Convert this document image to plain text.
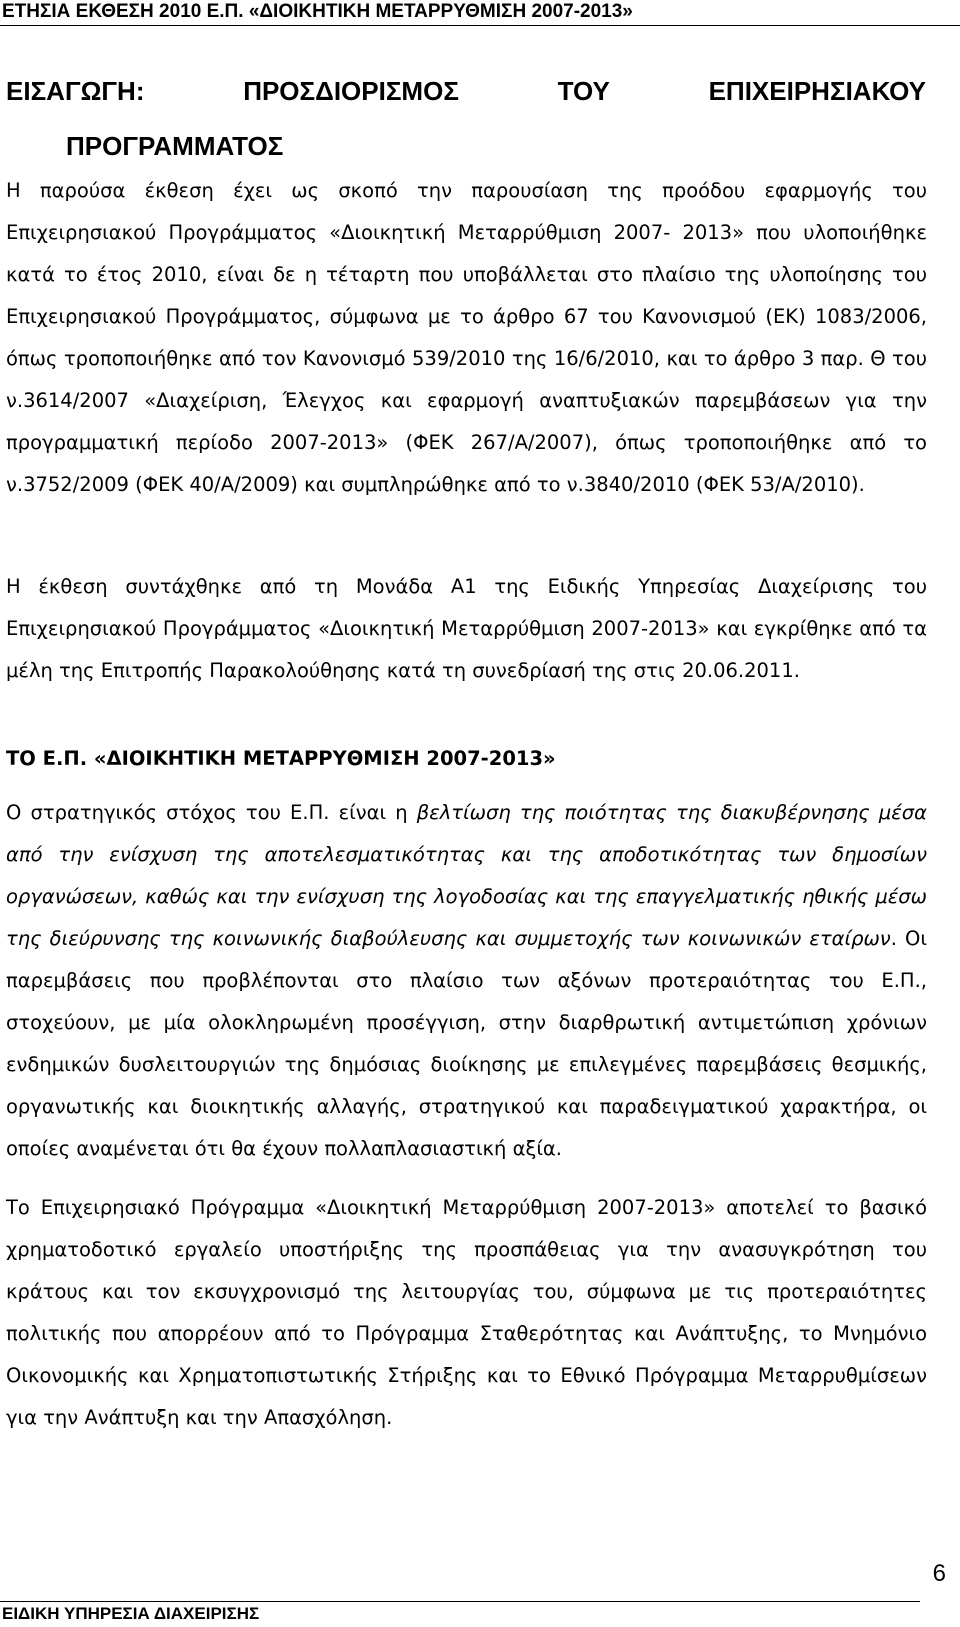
ΕΤΗΣΙΑ ΕΚΘΕΣΗ 2010 Ε.Π. «ΔΙΟΙΚΗΤΙΚΗ ΜΕΤΑΡΡΥΘΜΙΣΗ 2007-2013»
ΕΙΣΑΓΩΓΗ:	ΠΡΟΣΔΙΟΡΙΣΜΟΣ	ΤΟΥ	ΕΠΙΧΕΙΡΗΣΙΑΚΟΥ
ΠΡΟΓΡΑΜΜΑΤΟΣ

Η παρούσα έκθεση έχει ως σκοπό την παρουσίαση της προόδου εφαρμογής του Επιχειρησιακού Προγράμματος «Διοικητική Μεταρρύθμιση 2007- 2013» που υλοποιήθηκε κατά το έτος 2010, είναι δε η τέταρτη που υποβάλλεται στο πλαίσιο της υλοποίησης του Επιχειρησιακού Προγράμματος, σύμφωνα με το άρθρο 67 του Κανονισμού (ΕΚ) 1083/2006, όπως τροποποιήθηκε από τον Κανονισμό 539/2010 της 16/6/2010, και το άρθρο 3 παρ. Θ του ν.3614/2007 «Διαχείριση, Έλεγχος και εφαρμογή αναπτυξιακών παρεμβάσεων για την προγραμματική περίοδο 2007-2013» (ΦΕΚ 267/Α/2007), όπως τροποποιήθηκε από το ν.3752/2009 (ΦΕΚ 40/Α/2009) και συμπληρώθηκε από το ν.3840/2010 (ΦΕΚ 53/Α/2010).

Η έκθεση συντάχθηκε από τη Μονάδα Α1 της Ειδικής Υπηρεσίας Διαχείρισης του Επιχειρησιακού Προγράμματος «Διοικητική Μεταρρύθμιση 2007-2013» και εγκρίθηκε από τα μέλη της Επιτροπής Παρακολούθησης κατά τη συνεδρίασή της στις 20.06.2011.

ΤΟ Ε.Π. «ΔΙΟΙΚΗΤΙΚΗ ΜΕΤΑΡΡΥΘΜΙΣΗ 2007-2013»

Ο στρατηγικός στόχος του Ε.Π. είναι η βελτίωση της ποιότητας της διακυβέρνησης μέσα από την ενίσχυση της αποτελεσματικότητας και της αποδοτικότητας των δημοσίων οργανώσεων, καθώς και την ενίσχυση της λογοδοσίας και της επαγγελματικής ηθικής μέσω της διεύρυνσης της κοινωνικής διαβούλευσης και συμμετοχής των κοινωνικών εταίρων. Οι παρεμβάσεις που προβλέπονται στο πλαίσιο των αξόνων προτεραιότητας του Ε.Π., στοχεύουν, με μία ολοκληρωμένη προσέγγιση, στην διαρθρωτική αντιμετώπιση χρόνιων ενδημικών δυσλειτουργιών της δημόσιας διοίκησης με επιλεγμένες παρεμβάσεις θεσμικής, οργανωτικής και διοικητικής αλλαγής, στρατηγικού και παραδειγματικού χαρακτήρα, οι οποίες αναμένεται ότι θα έχουν πολλαπλασιαστική αξία.

Το Επιχειρησιακό Πρόγραμμα «Διοικητική Μεταρρύθμιση 2007-2013» αποτελεί το βασικό χρηματοδοτικό εργαλείο υποστήριξης της προσπάθειας για την ανασυγκρότηση του κράτους και τον εκσυγχρονισμό της λειτουργίας του, σύμφωνα με τις προτεραιότητες πολιτικής που απορρέουν από το Πρόγραμμα Σταθερότητας και Ανάπτυξης, το Μνημόνιο Οικονομικής και Χρηματοπιστωτικής Στήριξης και το Εθνικό Πρόγραμμα Μεταρρυθμίσεων για την Ανάπτυξη και την Απασχόληση.

6
ΕΙΔΙΚΗ ΥΠΗΡΕΣΙΑ ΔΙΑΧΕΙΡΙΣΗΣ
